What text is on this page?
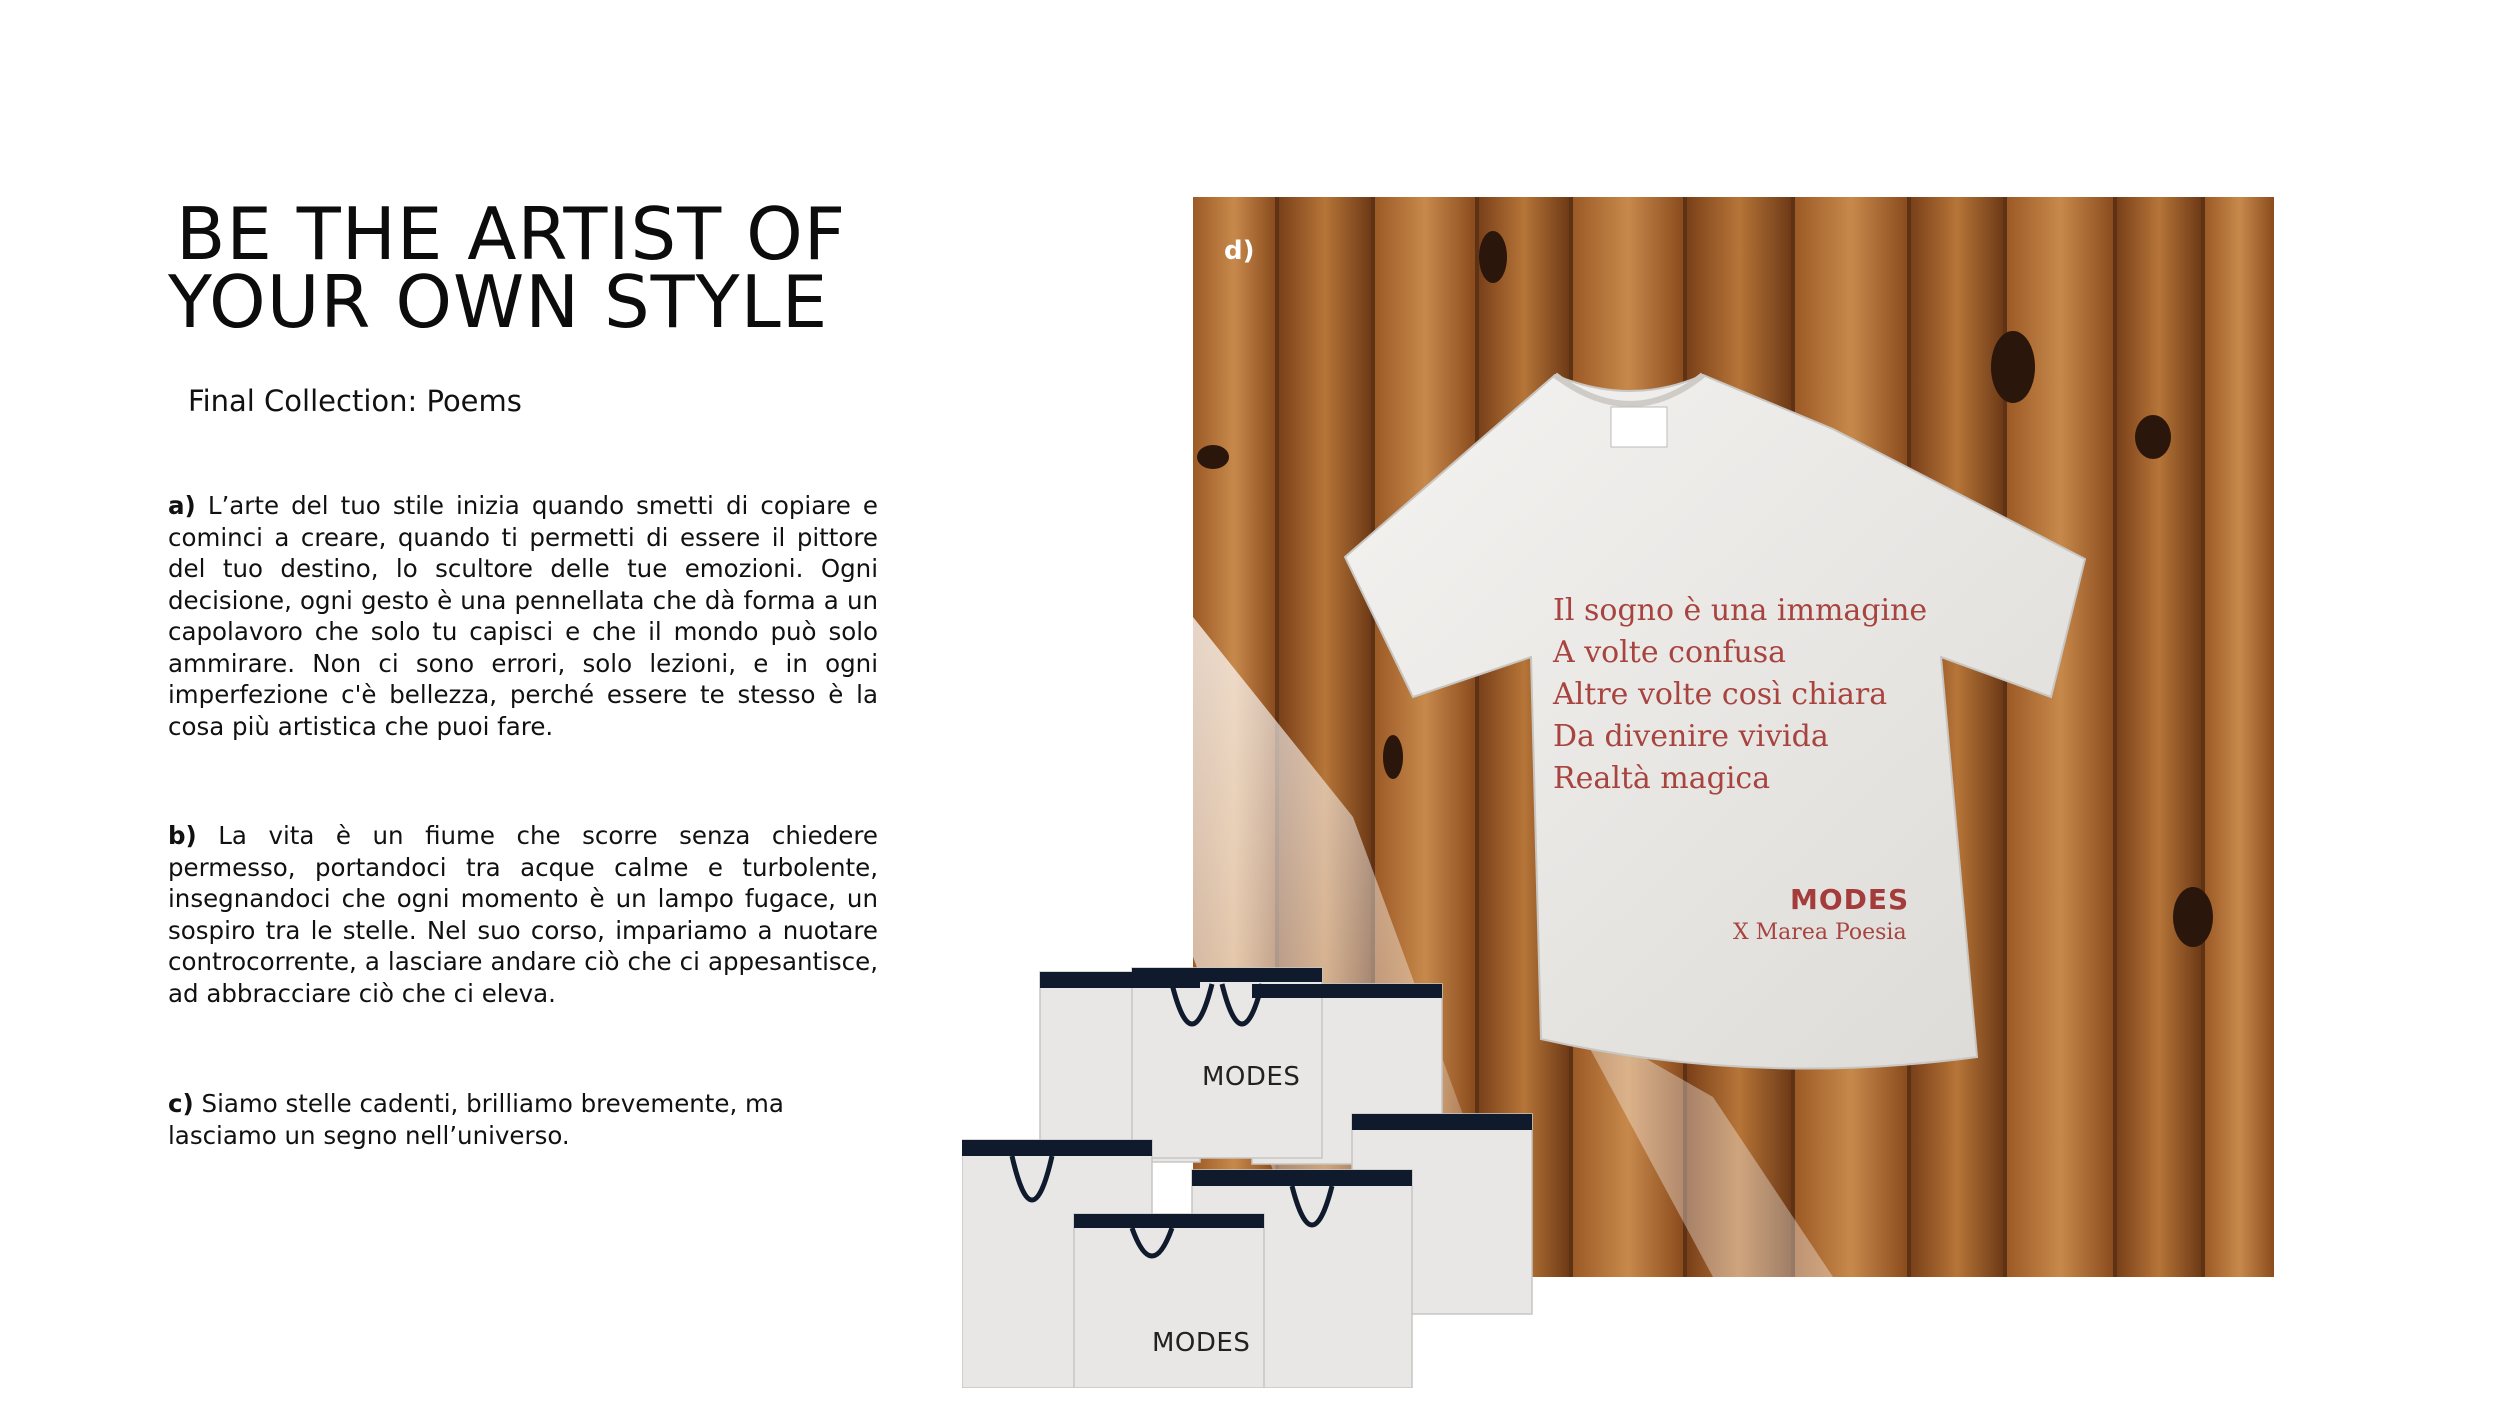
BE THE ARTIST OF
YOUR OWN STYLE
Final Collection: Poems
a) L’arte del tuo stile inizia quando smetti di copiare e cominci a creare, quando ti permetti di essere il pittore del tuo destino, lo scultore delle tue emozioni. Ogni decisione, ogni gesto è una pennellata che dà forma a un capolavoro che solo tu capisci e che il mondo può solo ammirare. Non ci sono errori, solo lezioni, e in ogni imperfezione c'è bellezza, perché essere te stesso è la cosa più artistica che puoi fare.
b) La vita è un fiume che scorre senza chiedere permesso, portandoci tra acque calme e turbolente, insegnandoci che ogni momento è un lampo fugace, un sospiro tra le stelle. Nel suo corso, impariamo a nuotare controcorrente, a lasciare andare ciò che ci appesantisce, ad abbracciare ciò che ci eleva.
c) Siamo stelle cadenti, brilliamo brevemente, ma lasciamo un segno nell’universo.
d)
Il sogno è una immagine
A volte confusa
Altre volte così chiara
Da divenire vivida
Realtà magica
MODES
X Marea Poesia
MODES
MODES
